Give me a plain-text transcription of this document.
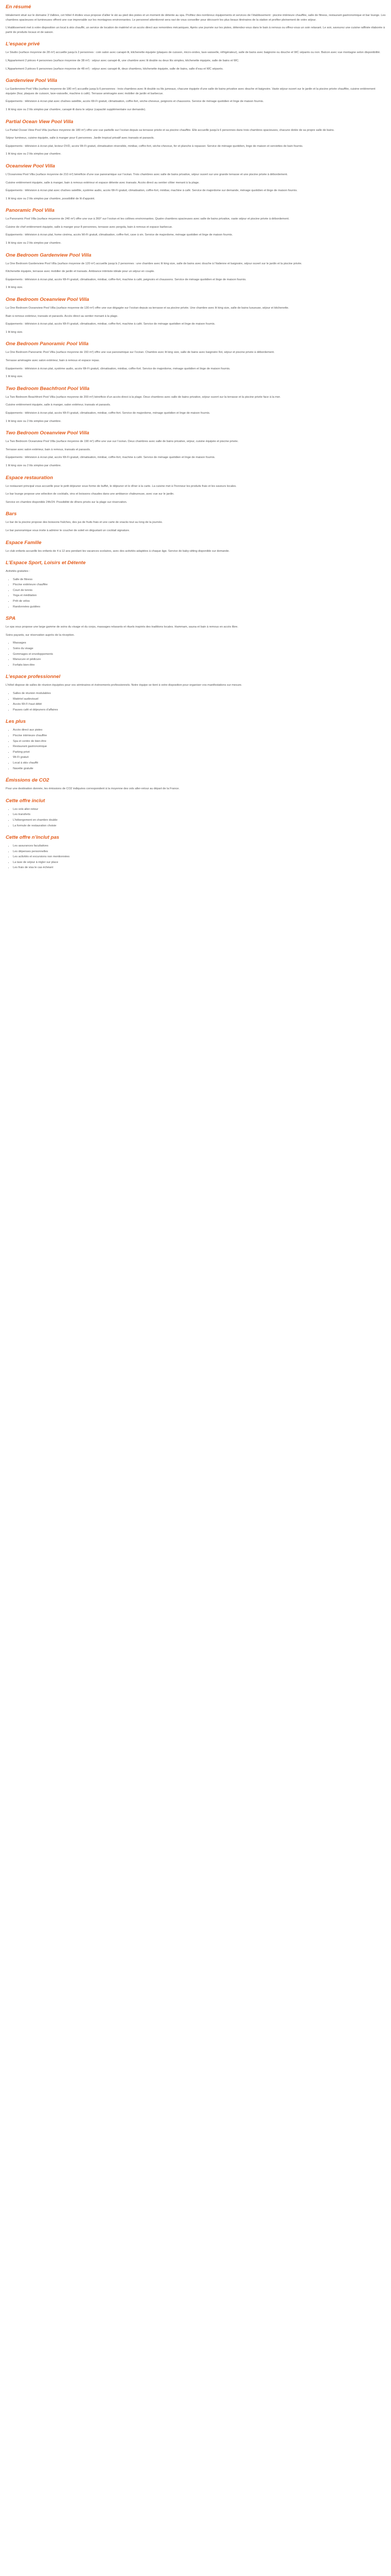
En résumé

Idéalement situé sur le domaine 3 Vallées, cet hôtel 4 étoiles vous propose d’allier le ski au pied des pistes et un moment de détente au spa. Profitez des nombreux équipements et services de l’établissement : piscine intérieure chauffée, salle de fitness, restaurant gastronomique et bar lounge. Les chambres spacieuses et lumineuses offrent une vue imprenable sur les montagnes environnantes. Le personnel attentionné sera ravi de vous conseiller pour découvrir les plus beaux itinéraires de la station et profiter pleinement de votre séjour.

L’établissement met à votre disposition un local à skis chauffé, un service de location de matériel et un accès direct aux remontées mécaniques. Après une journée sur les pistes, détendez-vous dans le bain à remous ou offrez-vous un soin relaxant. Le soir, savourez une cuisine raffinée élaborée à partir de produits locaux et de saison.

L’espace privé

Le Studio (surface moyenne de 28 m²) accueille jusqu’à 2 personnes : coin salon avec canapé-lit, kitchenette équipée (plaques de cuisson, micro-ondes, lave-vaisselle, réfrigérateur), salle de bains avec baignoire ou douche et WC séparés ou non. Balcon avec vue montagne selon disponibilité.

L’Appartement 2 pièces 4 personnes (surface moyenne de 38 m²) : séjour avec canapé-lit, une chambre avec lit double ou deux lits simples, kitchenette équipée, salle de bains et WC.

L’Appartement 3 pièces 6 personnes (surface moyenne de 48 m²) : séjour avec canapé-lit, deux chambres, kitchenette équipée, salle de bains, salle d’eau et WC séparés.

Gardenview Pool Villa

La Gardenview Pool Villa (surface moyenne de 180 m²) accueille jusqu’à 6 personnes : trois chambres avec lit double ou lits jumeaux, chacune équipée d’une salle de bains privative avec douche et baignoire. Vaste séjour ouvert sur le jardin et la piscine privée chauffée, cuisine entièrement équipée (four, plaques de cuisson, lave-vaisselle, machine à café). Terrasse aménagée avec mobilier de jardin et barbecue.

Équipements : télévision à écran plat avec chaînes satellite, accès Wi-Fi gratuit, climatisation, coffre-fort, sèche-cheveux, peignoirs et chaussons. Service de ménage quotidien et linge de maison fournis.

1 lit king size ou 2 lits simples par chambre, canapé-lit dans le séjour (capacité supplémentaire sur demande).

Partial Ocean View Pool Villa

La Partial Ocean View Pool Villa (surface moyenne de 180 m²) offre une vue partielle sur l’océan depuis sa terrasse privée et sa piscine chauffée. Elle accueille jusqu’à 6 personnes dans trois chambres spacieuses, chacune dotée de sa propre salle de bains.

Séjour lumineux, cuisine équipée, salle à manger pour 6 personnes. Jardin tropical privatif avec transats et parasols.

Équipements : télévision à écran plat, lecteur DVD, accès Wi-Fi gratuit, climatisation réversible, minibar, coffre-fort, sèche-cheveux, fer et planche à repasser. Service de ménage quotidien, linge de maison et serviettes de bain fournis.

1 lit king size ou 2 lits simples par chambre.

Oceanview Pool Villa

L’Oceanview Pool Villa (surface moyenne de 210 m²) bénéficie d’une vue panoramique sur l’océan. Trois chambres avec salle de bains privative, séjour ouvert sur une grande terrasse et une piscine privée à débordement.

Cuisine entièrement équipée, salle à manger, bain à remous extérieur et espace détente avec transats. Accès direct au sentier côtier menant à la plage.

Équipements : télévision à écran plat avec chaînes satellite, système audio, accès Wi-Fi gratuit, climatisation, coffre-fort, minibar, machine à café. Service de majordome sur demande, ménage quotidien et linge de maison fournis.

1 lit king size ou 2 lits simples par chambre, possibilité de lit d’appoint.

Panoramic Pool Villa

La Panoramic Pool Villa (surface moyenne de 240 m²) offre une vue à 360° sur l’océan et les collines environnantes. Quatre chambres spacieuses avec salle de bains privative, vaste séjour et piscine privée à débordement.

Cuisine de chef entièrement équipée, salle à manger pour 8 personnes, terrasse avec pergola, bain à remous et espace barbecue.

Équipements : télévision à écran plat, home cinéma, accès Wi-Fi gratuit, climatisation, coffre-fort, cave à vin. Service de majordome, ménage quotidien et linge de maison fournis.

1 lit king size ou 2 lits simples par chambre.

One Bedroom Gardenview Pool Villa

La One Bedroom Gardenview Pool Villa (surface moyenne de 120 m²) accueille jusqu’à 2 personnes : une chambre avec lit king size, salle de bains avec douche à l’italienne et baignoire, séjour ouvert sur le jardin et la piscine privée.

Kitchenette équipée, terrasse avec mobilier de jardin et transats. Ambiance intimiste idéale pour un séjour en couple.

Équipements : télévision à écran plat, accès Wi-Fi gratuit, climatisation, minibar, coffre-fort, machine à café, peignoirs et chaussons. Service de ménage quotidien et linge de maison fournis.

1 lit king size.

One Bedroom Oceanview Pool Villa

La One Bedroom Oceanview Pool Villa (surface moyenne de 130 m²) offre une vue dégagée sur l’océan depuis sa terrasse et sa piscine privée. Une chambre avec lit king size, salle de bains luxueuse, séjour et kitchenette.

Bain à remous extérieur, transats et parasols. Accès direct au sentier menant à la plage.

Équipements : télévision à écran plat, accès Wi-Fi gratuit, climatisation, minibar, coffre-fort, machine à café. Service de ménage quotidien et linge de maison fournis.

1 lit king size.

One Bedroom Panoramic Pool Villa

La One Bedroom Panoramic Pool Villa (surface moyenne de 150 m²) offre une vue panoramique sur l’océan. Chambre avec lit king size, salle de bains avec baignoire îlot, séjour et piscine privée à débordement.

Terrasse aménagée avec salon extérieur, bain à remous et espace repas.

Équipements : télévision à écran plat, système audio, accès Wi-Fi gratuit, climatisation, minibar, coffre-fort. Service de majordome, ménage quotidien et linge de maison fournis.

1 lit king size.

Two Bedroom Beachfront Pool Villa

La Two Bedroom Beachfront Pool Villa (surface moyenne de 200 m²) bénéficie d’un accès direct à la plage. Deux chambres avec salle de bains privative, séjour ouvert sur la terrasse et la piscine privée face à la mer.

Cuisine entièrement équipée, salle à manger, salon extérieur, transats et parasols.

Équipements : télévision à écran plat, accès Wi-Fi gratuit, climatisation, minibar, coffre-fort. Service de majordome, ménage quotidien et linge de maison fournis.

1 lit king size ou 2 lits simples par chambre.

Two Bedroom Oceanview Pool Villa

La Two Bedroom Oceanview Pool Villa (surface moyenne de 190 m²) offre une vue sur l’océan. Deux chambres avec salle de bains privative, séjour, cuisine équipée et piscine privée.

Terrasse avec salon extérieur, bain à remous, transats et parasols.

Équipements : télévision à écran plat, accès Wi-Fi gratuit, climatisation, minibar, coffre-fort, machine à café. Service de ménage quotidien et linge de maison fournis.

1 lit king size ou 2 lits simples par chambre.

Espace restauration

Le restaurant principal vous accueille pour le petit déjeuner sous forme de buffet, le déjeuner et le dîner à la carte. La cuisine met à l’honneur les produits frais et les saveurs locales.

Le bar lounge propose une sélection de cocktails, vins et boissons chaudes dans une ambiance chaleureuse, avec vue sur le jardin.

Service en chambre disponible 24h/24. Possibilité de dîners privés sur la plage sur réservation.

Bars

Le bar de la piscine propose des boissons fraîches, des jus de fruits frais et une carte de snacks tout au long de la journée.

Le bar panoramique vous invite à admirer le coucher de soleil en dégustant un cocktail signature.

Espace Famille

Le club enfants accueille les enfants de 4 à 12 ans pendant les vacances scolaires, avec des activités adaptées à chaque âge. Service de baby-sitting disponible sur demande.

L’Espace Sport, Loisirs et Détente

Activités gratuites :

• Salle de fitness
• Piscine extérieure chauffée
• Court de tennis
• Yoga et méditation
• Prêt de vélos
• Randonnées guidées
SPA

Le spa vous propose une large gamme de soins du visage et du corps, massages relaxants et rituels inspirés des traditions locales. Hammam, sauna et bain à remous en accès libre.

Soins payants, sur réservation auprès de la réception.

• Massages
• Soins du visage
• Gommages et enveloppements
• Manucure et pédicure
• Forfaits bien-être
L’espace professionnel

L’hôtel dispose de salles de réunion équipées pour vos séminaires et événements professionnels. Notre équipe se tient à votre disposition pour organiser vos manifestations sur mesure.

• Salles de réunion modulables
• Matériel audiovisuel
• Accès Wi-Fi haut débit
• Pauses café et déjeuners d’affaires
Les plus
• Accès direct aux pistes
• Piscine intérieure chauffée
• Spa et centre de bien-être
• Restaurant gastronomique
• Parking privé
• Wi-Fi gratuit
• Local à skis chauffé
• Navette gratuite
Émissions de CO2

Pour une destination donnée, les émissions de CO2 indiquées correspondent à la moyenne des vols aller-retour au départ de la France.

Cette offre inclut
• Les vols aller-retour
• Les transferts
• L’hébergement en chambre double
• La formule de restauration choisie
Cette offre n’inclut pas
• Les assurances facultatives
• Les dépenses personnelles
• Les activités et excursions non mentionnées
• La taxe de séjour à régler sur place
• Les frais de visa le cas échéant
